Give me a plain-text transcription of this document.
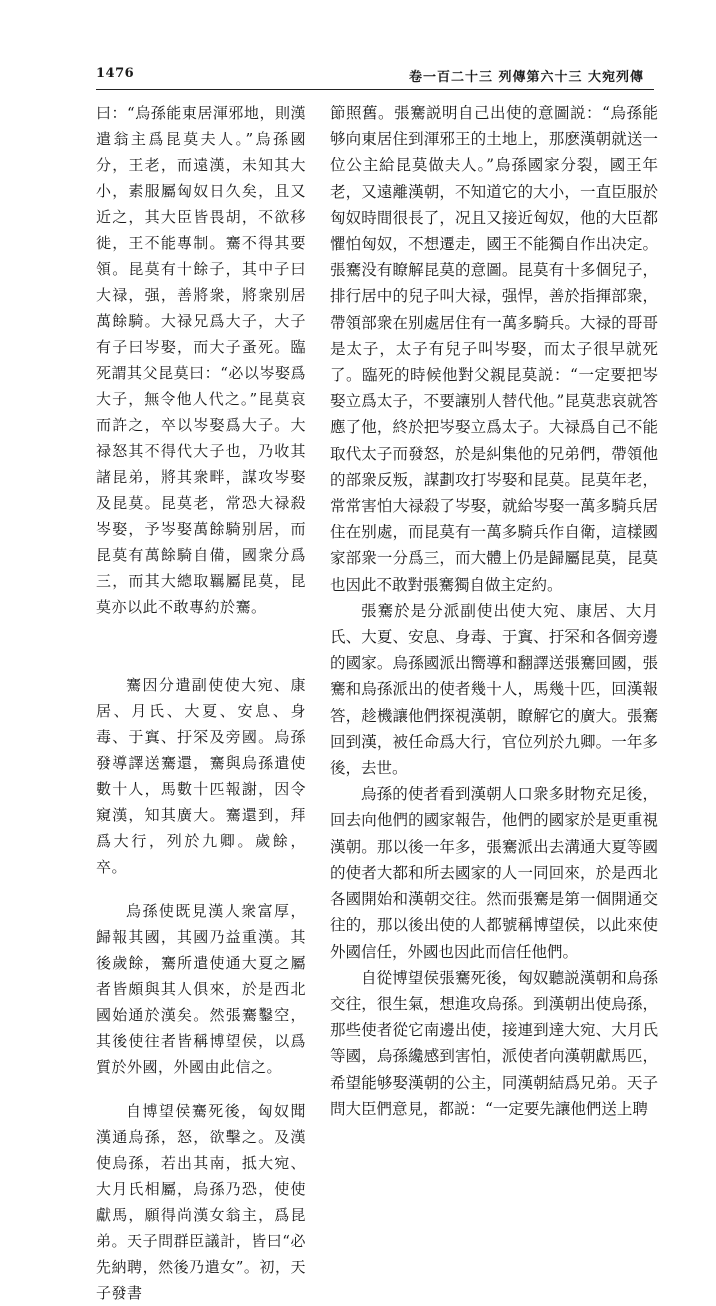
1476	卷一百二十三 列傳第六十三 大宛列傳

曰：“烏孫能東居渾邪地，則漢遣翁主爲昆莫夫人。”烏孫國分，王老，而遠漢，未知其大小，素服屬匈奴日久矣，且又近之，其大臣皆畏胡，不欲移徙，王不能專制。騫不得其要領。昆莫有十餘子，其中子曰大禄，强，善將衆，將衆别居萬餘騎。大禄兄爲大子，大子有子曰岑娶，而大子蚤死。臨死謂其父昆莫曰：“必以岑娶爲大子，無令他人代之。”昆莫哀而許之，卒以岑娶爲大子。大禄怒其不得代大子也，乃收其諸昆弟，將其衆畔，謀攻岑娶及昆莫。昆莫老，常恐大禄殺岑娶，予岑娶萬餘騎别居，而昆莫有萬餘騎自備，國衆分爲三，而其大總取羈屬昆莫，昆莫亦以此不敢專約於騫。

騫因分遣副使使大宛、康居、月氏、大夏、安息、身毒、于窴、扜罙及旁國。烏孫發導譯送騫還，騫與烏孫遣使數十人，馬數十匹報謝，因令窺漢，知其廣大。騫還到，拜爲大行，列於九卿。歲餘，卒。

烏孫使既見漢人衆富厚，歸報其國，其國乃益重漢。其後歲餘，騫所遣使通大夏之屬者皆頗與其人俱來，於是西北國始通於漢矣。然張騫鑿空，其後使往者皆稱博望侯，以爲質於外國，外國由此信之。

自博望侯騫死後，匈奴聞漢通烏孫，怒，欲擊之。及漢使烏孫，若出其南，抵大宛、大月氏相屬，烏孫乃恐，使使獻馬，願得尚漢女翁主，爲昆弟。天子問群臣議計，皆曰“必先納聘，然後乃遣女”。初，天子發書

節照舊。張騫説明自己出使的意圖説：“烏孫能够向東居住到渾邪王的土地上，那麽漢朝就送一位公主給昆莫做夫人。”烏孫國家分裂，國王年老，又遠離漢朝，不知道它的大小，一直臣服於匈奴時間很長了，况且又接近匈奴，他的大臣都懼怕匈奴，不想遷走，國王不能獨自作出决定。張騫没有瞭解昆莫的意圖。昆莫有十多個兒子，排行居中的兒子叫大禄，强悍，善於指揮部衆，帶領部衆在别處居住有一萬多騎兵。大禄的哥哥是太子，太子有兒子叫岑娶，而太子很早就死了。臨死的時候他對父親昆莫説：“一定要把岑娶立爲太子，不要讓别人替代他。”昆莫悲哀就答應了他，終於把岑娶立爲太子。大禄爲自己不能取代太子而發怒，於是糾集他的兄弟們，帶領他的部衆反叛，謀劃攻打岑娶和昆莫。昆莫年老，常常害怕大禄殺了岑娶，就給岑娶一萬多騎兵居住在别處，而昆莫有一萬多騎兵作自衛，這樣國家部衆一分爲三，而大體上仍是歸屬昆莫，昆莫也因此不敢對張騫獨自做主定約。

張騫於是分派副使出使大宛、康居、大月氏、大夏、安息、身毒、于窴、扜罙和各個旁邊的國家。烏孫國派出嚮導和翻譯送張騫回國，張騫和烏孫派出的使者幾十人，馬幾十匹，回漢報答，趁機讓他們探視漢朝，瞭解它的廣大。張騫回到漢，被任命爲大行，官位列於九卿。一年多後，去世。

烏孫的使者看到漢朝人口衆多財物充足後，回去向他們的國家報告，他們的國家於是更重視漢朝。那以後一年多，張騫派出去溝通大夏等國的使者大都和所去國家的人一同回來，於是西北各國開始和漢朝交往。然而張騫是第一個開通交往的，那以後出使的人都號稱博望侯，以此來使外國信任，外國也因此而信任他們。

自從博望侯張騫死後，匈奴聽説漢朝和烏孫交往，很生氣，想進攻烏孫。到漢朝出使烏孫，那些使者從它南邊出使，接連到達大宛、大月氏等國，烏孫纔感到害怕，派使者向漢朝獻馬匹，希望能够娶漢朝的公主，同漢朝結爲兄弟。天子問大臣們意見，都説：“一定要先讓他們送上聘
